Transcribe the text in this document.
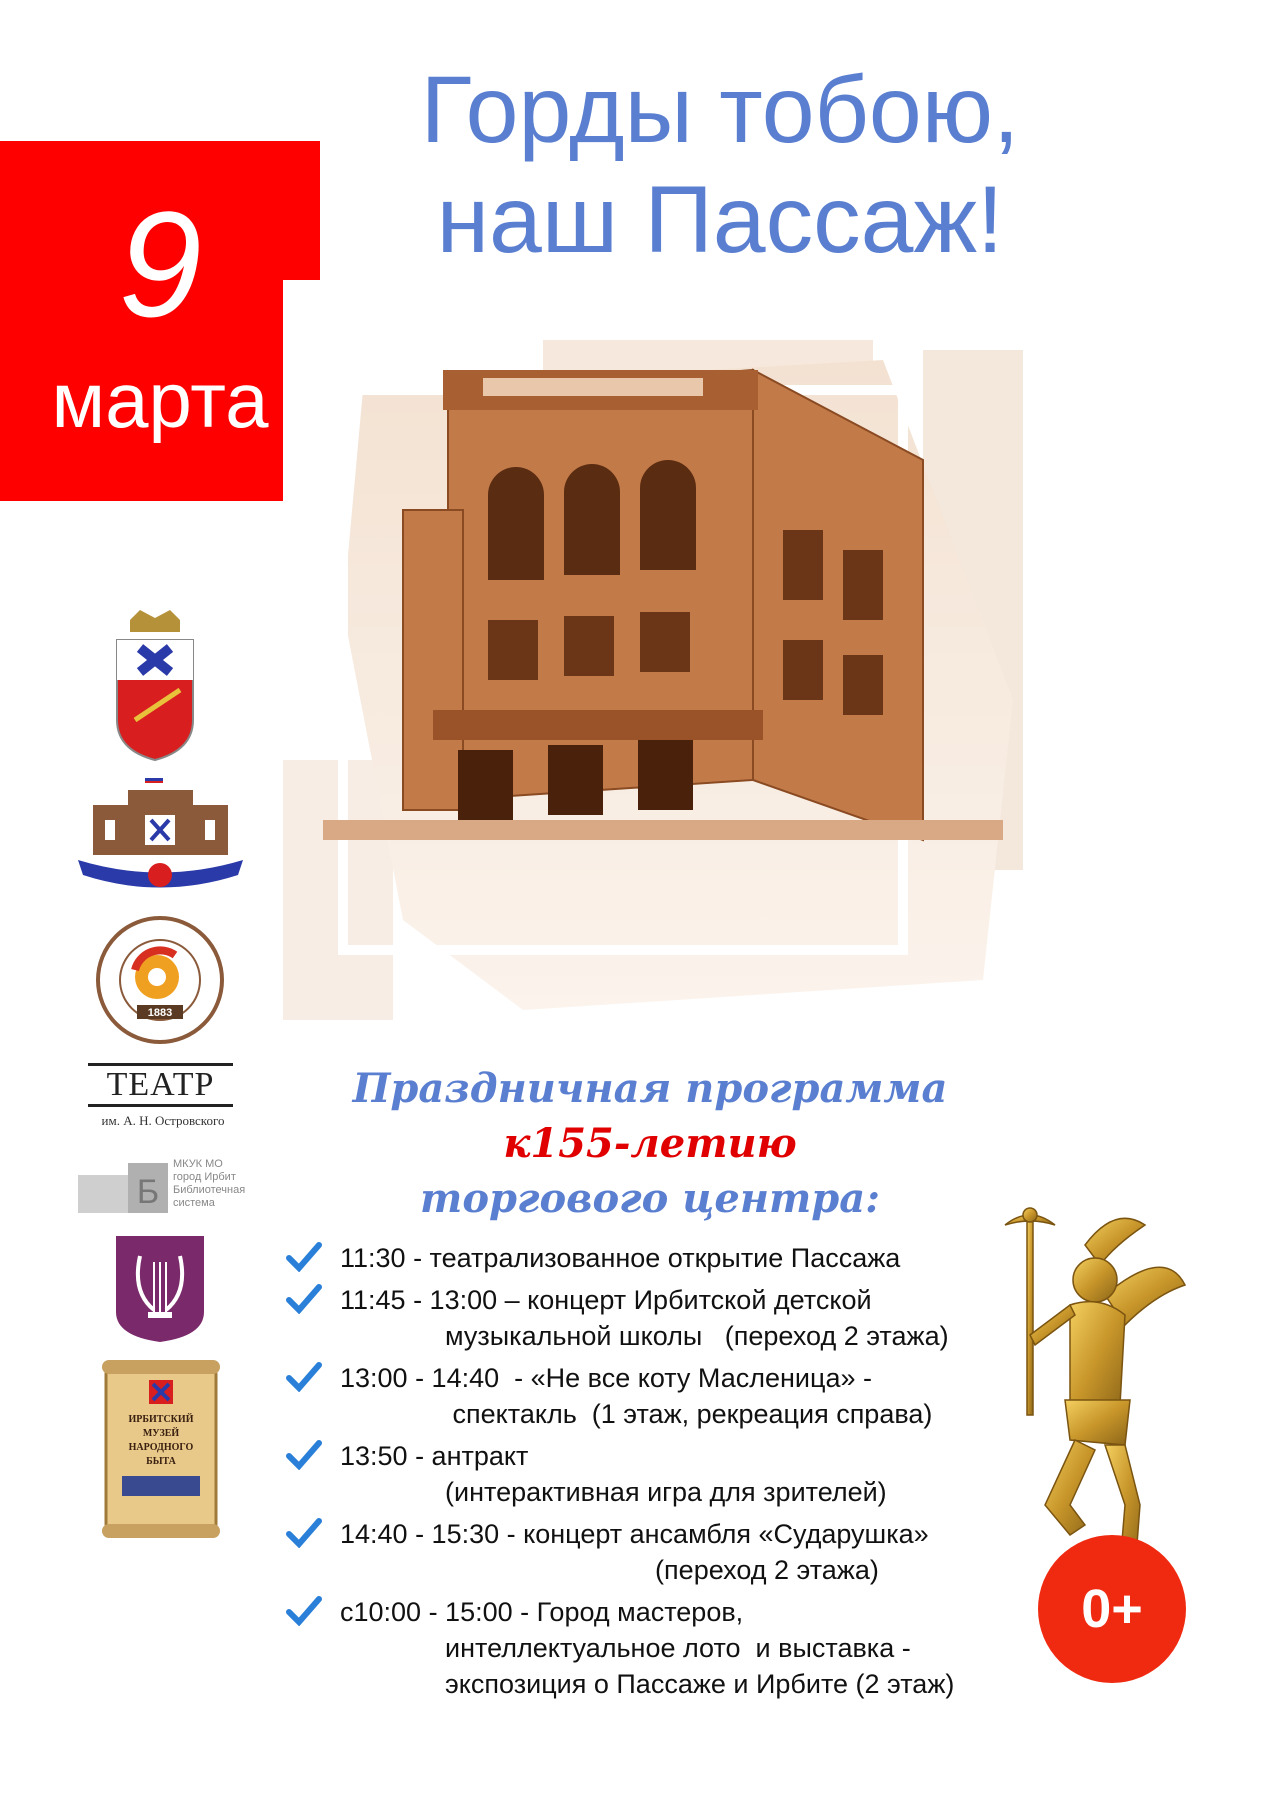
9
марта
Горды тобою,
наш Пассаж!
1883
ТЕАТР
им. А. Н. Островского
Б
МКУК МО город Ирбит Библиотечная система
ИРБИТСКИЙ
МУЗЕЙ
НАРОДНОГО
БЫТА
Праздничная программа
к155-летию
торгового центра:
11:30 - театрализованное открытие Пассажа
11:45 - 13:00 – концерт Ирбитской детской
музыкальной школы   (переход 2 этажа)
13:00 - 14:40  - «Не все коту Масленица» -
спектакль  (1 этаж, рекреация справа)
13:50 - антракт
(интерактивная игра для зрителей)
14:40 - 15:30 - концерт ансамбля «Сударушка»
(переход 2 этажа)
с10:00 - 15:00 - Город мастеров,
интеллектуальное лото  и выставка -
экспозиция о Пассаже и Ирбите (2 этаж)
0+
